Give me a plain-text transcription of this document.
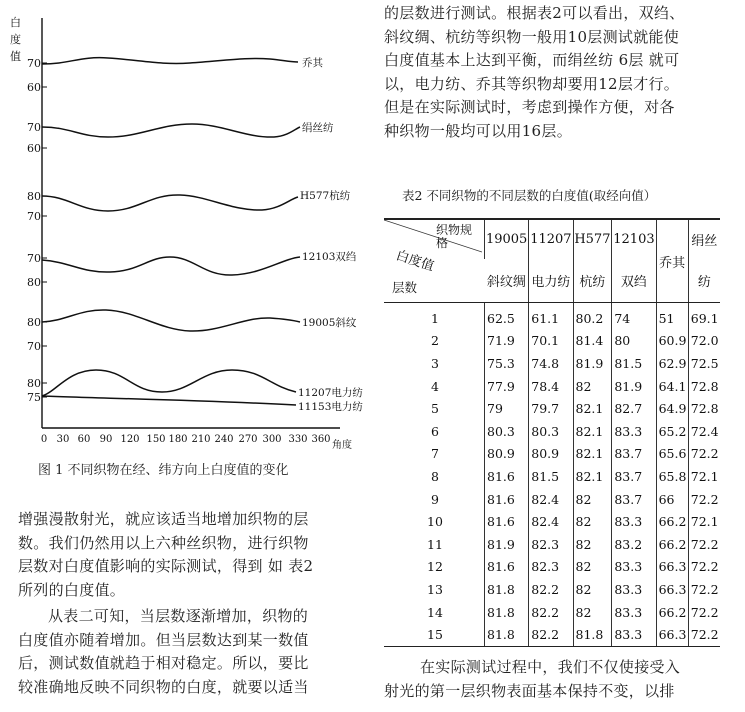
白
度
值
70
60
70
60
80
70
70
80
80
70
80
75
乔其
绢丝纺
H577杭纺
12103双绉
19005斜纹
11207电力纺
11153电力纺
0 30 60 90 120 150 180 210 240 270 300 330 360
角度
图 1 不同织物在经、纬方向上白度值的变化

增强漫散射光，就应该适当地增加织物的层

数。我们仍然用以上六种丝织物，进行织物

层数对白度值影响的实际测试，得到 如 表2

所列的白度值。

从表二可知，当层数逐渐增加，织物的

白度值亦随着增加。但当层数达到某一数值

后，测试数值就趋于相对稳定。所以，要比

较准确地反映不同织物的白度，就要以适当

的层数进行测试。根据表2可以看出，双绉、

斜纹绸、杭纺等织物一般用10层测试就能使

白度值基本上达到平衡，而绢丝纺 6层 就可

以，电力纺、乔其等织物却要用12层才行。

但是在实际测试时，考虑到操作方便，对各

种织物一般均可以用16层。

表2 不同织物的不同层数的白度值(取经向值）
织物规格
白度值
层数	19005	11207	H577	12103	乔其	绢丝
	斜纹绸	电力纺	杭纺	双绉		纺
1	62.5	61.1	80.2	74	51	69.1
2	71.9	70.1	81.4	80	60.9	72.0
3	75.3	74.8	81.9	81.5	62.9	72.5
4	77.9	78.4	82	81.9	64.1	72.8
5	79	79.7	82.1	82.7	64.9	72.8
6	80.3	80.3	82.1	83.3	65.2	72.4
7	80.9	80.9	82.1	83.7	65.6	72.2
8	81.6	81.5	82.1	83.7	65.8	72.1
9	81.6	82.4	82	83.7	66	72.2
10	81.6	82.4	82	83.3	66.2	72.1
11	81.9	82.3	82	83.2	66.2	72.2
12	81.6	82.3	82	83.3	66.3	72.2
13	81.8	82.2	82	83.3	66.3	72.2
14	81.8	82.2	82	83.3	66.2	72.2
15	81.8	82.2	81.8	83.3	66.3	72.2

在实际测试过程中，我们不仅使接受入

射光的第一层织物表面基本保持不变，以排
